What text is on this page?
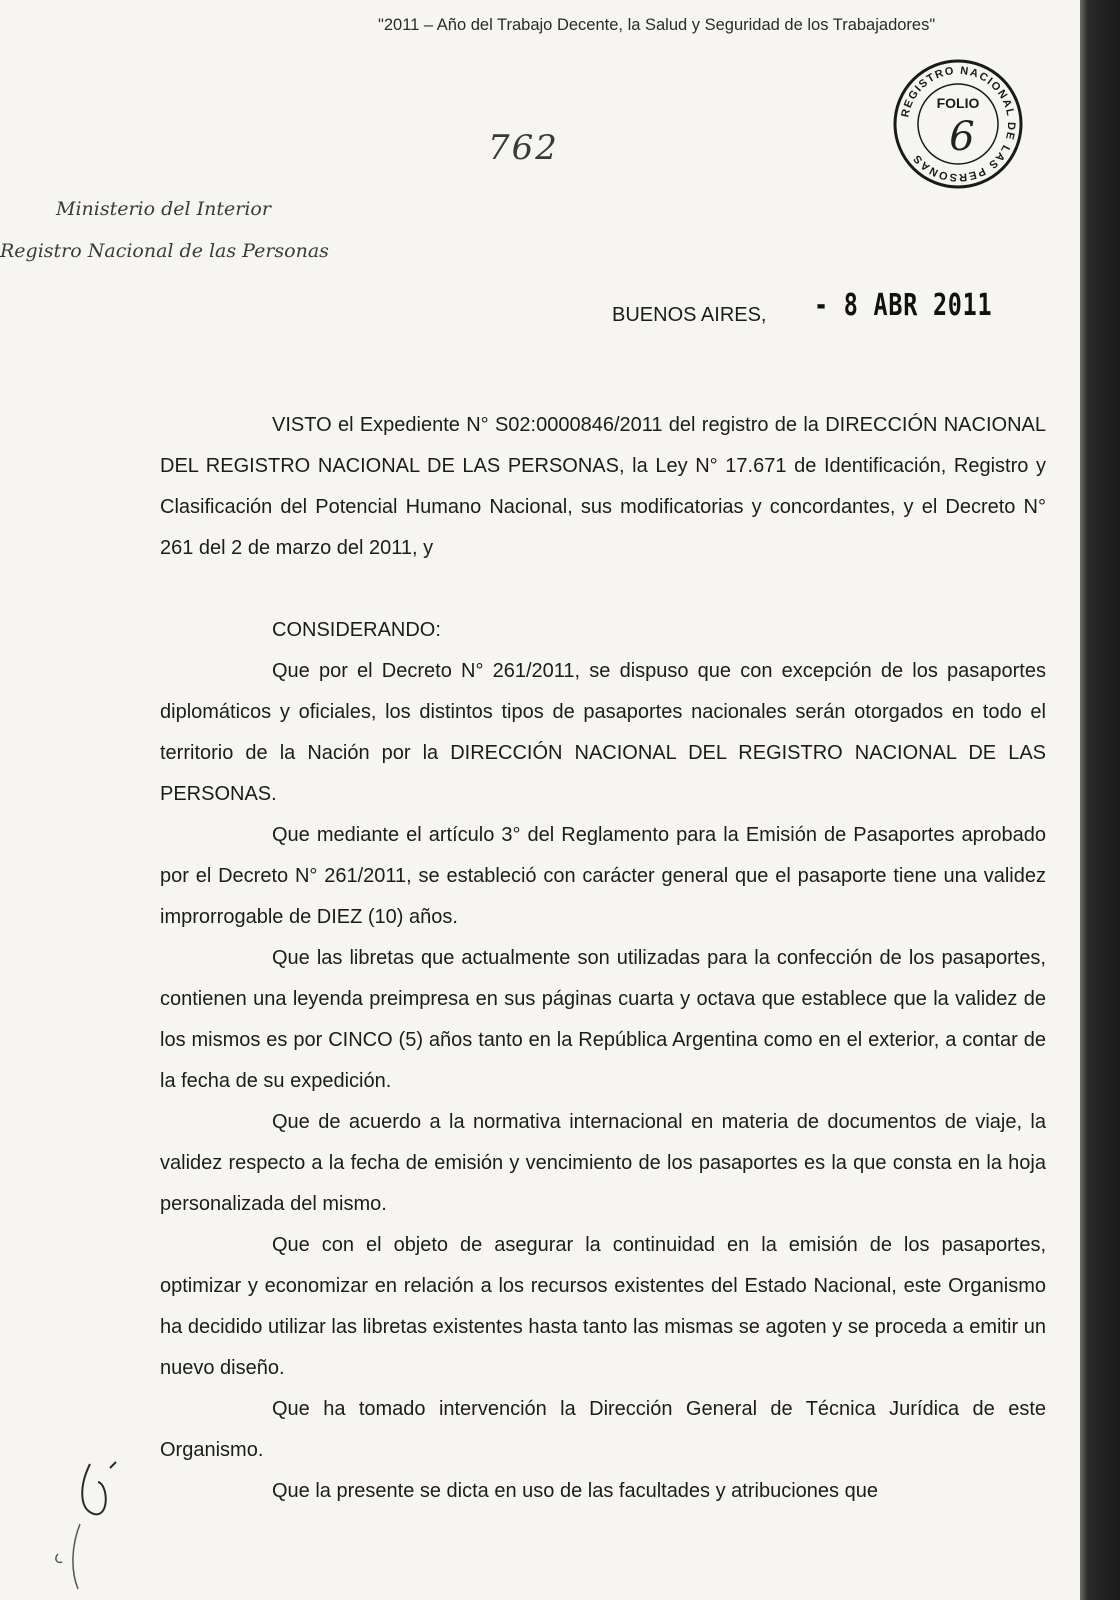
"2011 – Año del Trabajo Decente, la Salud y Seguridad de los Trabajadores"
REGISTRO NACIONAL DE LAS PERSONAS
FOLIO
6
762
Ministerio del Interior
Registro Nacional de las Personas
BUENOS AIRES, - 8 ABR 2011

VISTO el Expediente N° S02:0000846/2011 del registro de la DIRECCIÓN NACIONAL DEL REGISTRO NACIONAL DE LAS PERSONAS, la Ley N° 17.671 de Identificación, Registro y Clasificación del Potencial Humano Nacional, sus modificatorias y concordantes, y el Decreto N° 261 del 2 de marzo del 2011, y

CONSIDERANDO:

Que por el Decreto N° 261/2011, se dispuso que con excepción de los pasaportes diplomáticos y oficiales, los distintos tipos de pasaportes nacionales serán otorgados en todo el territorio de la Nación por la DIRECCIÓN NACIONAL DEL REGISTRO NACIONAL DE LAS PERSONAS.

Que mediante el artículo 3° del Reglamento para la Emisión de Pasaportes aprobado por el Decreto N° 261/2011, se estableció con carácter general que el pasaporte tiene una validez improrrogable de DIEZ (10) años.

Que las libretas que actualmente son utilizadas para la confección de los pasaportes, contienen una leyenda preimpresa en sus páginas cuarta y octava que establece que la validez de los mismos es por CINCO (5) años tanto en la República Argentina como en el exterior, a contar de la fecha de su expedición.

Que de acuerdo a la normativa internacional en materia de documentos de viaje, la validez respecto a la fecha de emisión y vencimiento de los pasaportes es la que consta en la hoja personalizada del mismo.

Que con el objeto de asegurar la continuidad en la emisión de los pasaportes, optimizar y economizar en relación a los recursos existentes del Estado Nacional, este Organismo ha decidido utilizar las libretas existentes hasta tanto las mismas se agoten y se proceda a emitir un nuevo diseño.

Que ha tomado intervención la Dirección General de Técnica Jurídica de este Organismo.

Que la presente se dicta en uso de las facultades y atribuciones que
